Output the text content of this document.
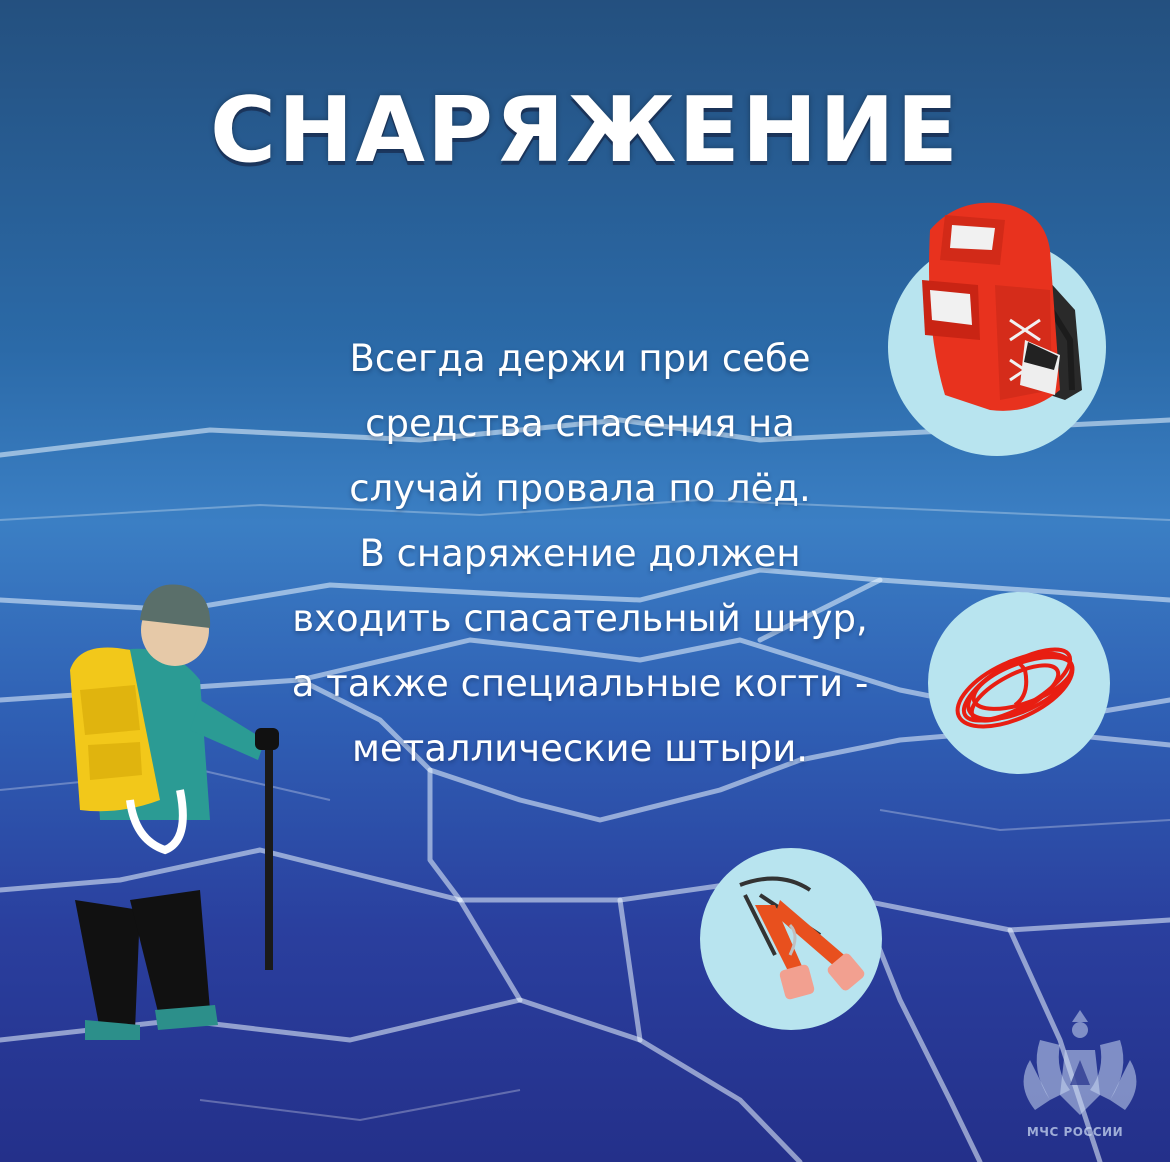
СНАРЯЖЕНИЕ
Всегда держи при себе
средства спасения на
случай провала по лёд.
В снаряжение должен
входить спасательный шнур,
а также специальные когти -
металлические штыри.
МЧС РОССИИ
